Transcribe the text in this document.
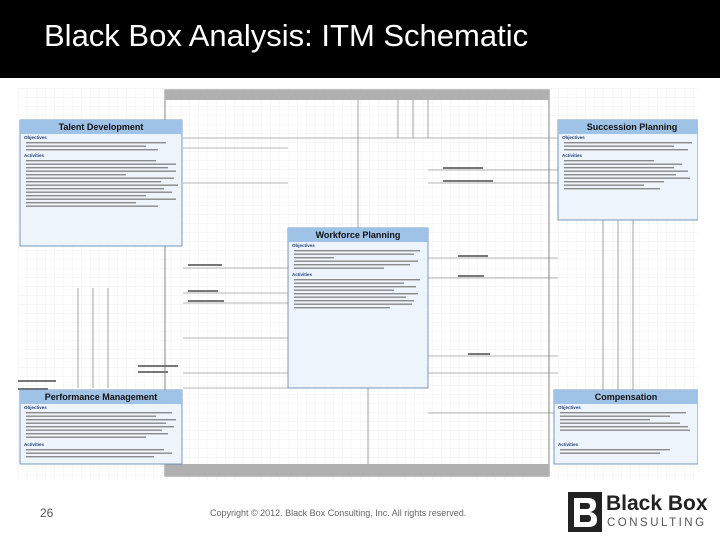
Black Box Analysis: ITM Schematic
Talent Development
Objectives
Activities
Succession Planning
Objectives
Activities
Workforce Planning
Objectives
Activities
Performance Management
Objectives
Activities
Compensation
Objectives
Activities
26	Copyright © 2012. Black Box Consulting, Inc. All rights reserved.	Black Box
CONSULTING
